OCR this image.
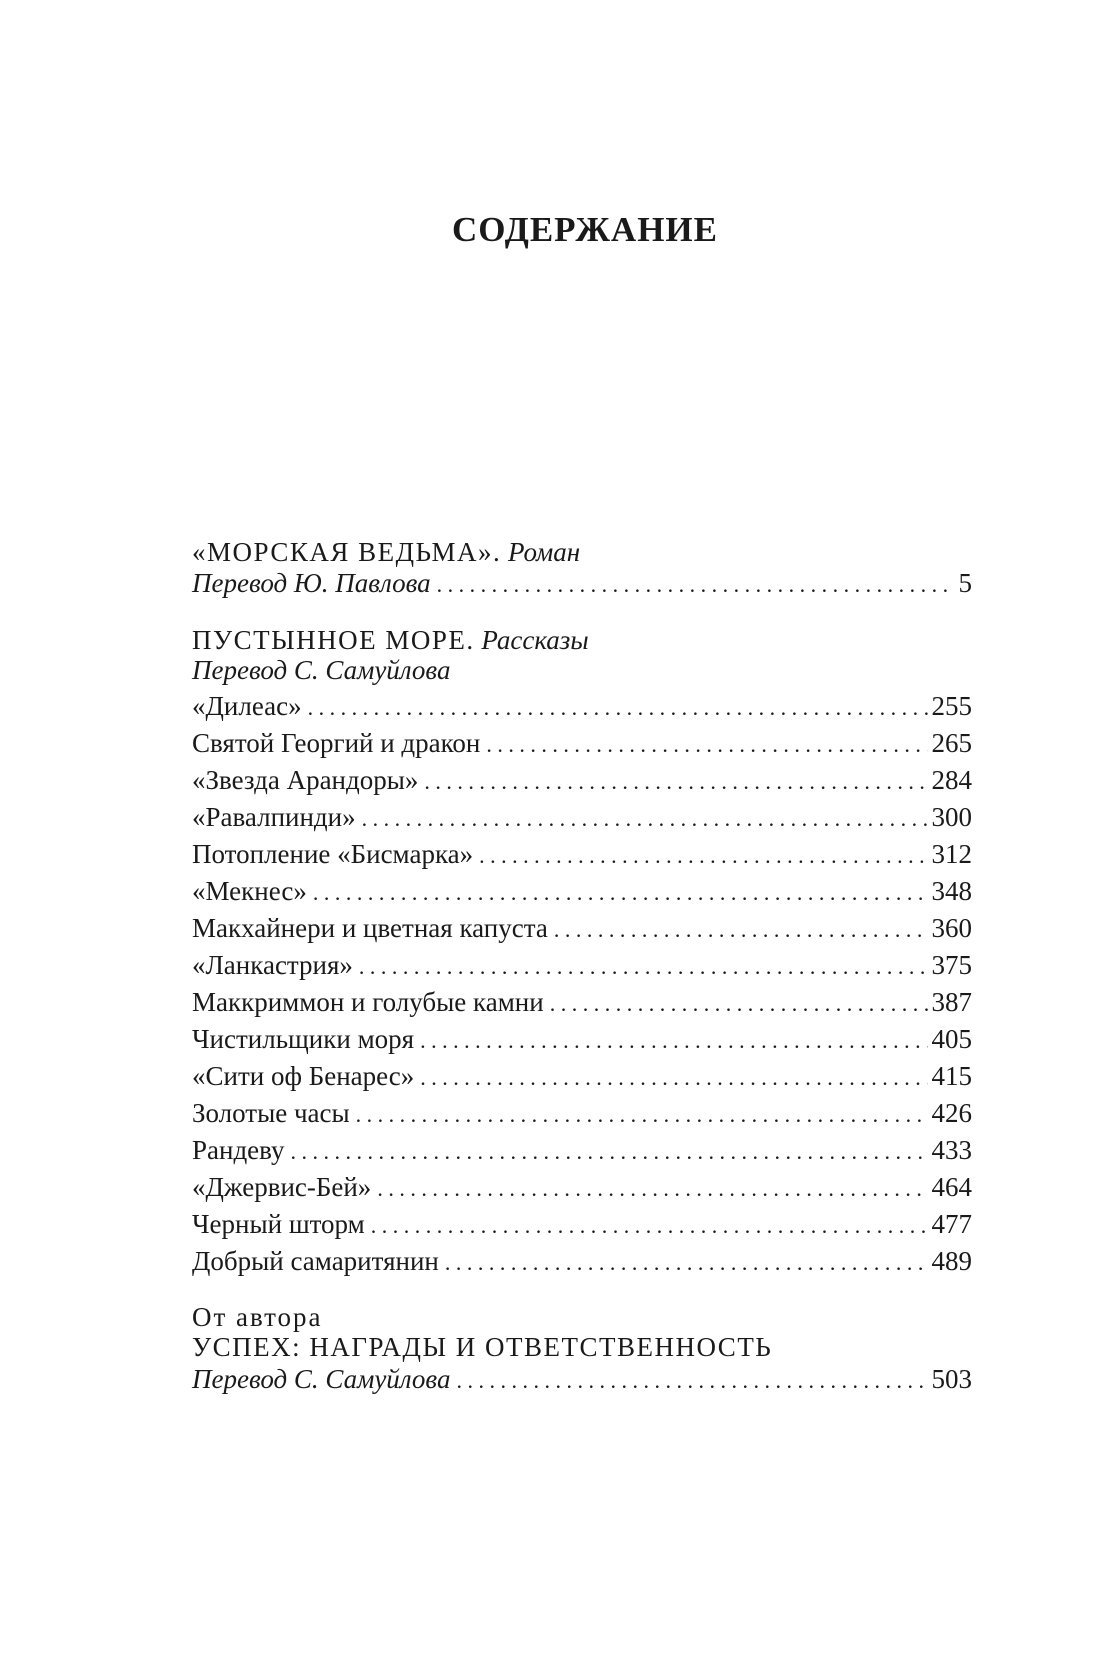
СОДЕРЖАНИЕ
«МОРСКАЯ ВЕДЬМА». Роман
Перевод Ю. Павлова . . .	5
ПУСТЫННОЕ МОРЕ. Рассказы
Перевод С. Самуйлова
«Дилеас» . . .	255
Святой Георгий и дракон . . .	265
«Звезда Арандоры» . . .	284
«Равалпинди» . . .	300
Потопление «Бисмарка» . . .	312
«Мекнес» . . .	348
Макхайнери и цветная капуста . . .	360
«Ланкастрия» . . .	375
Маккриммон и голубые камни . . .	387
Чистильщики моря . . .	405
«Сити оф Бенарес» . . .	415
Золотые часы . . .	426
Рандеву . . .	433
«Джервис-Бей» . . .	464
Черный шторм . . .	477
Добрый самаритянин . . .	489
От автора
УСПЕХ: НАГРАДЫ И ОТВЕТСТВЕННОСТЬ
Перевод С. Самуйлова . . .	503
